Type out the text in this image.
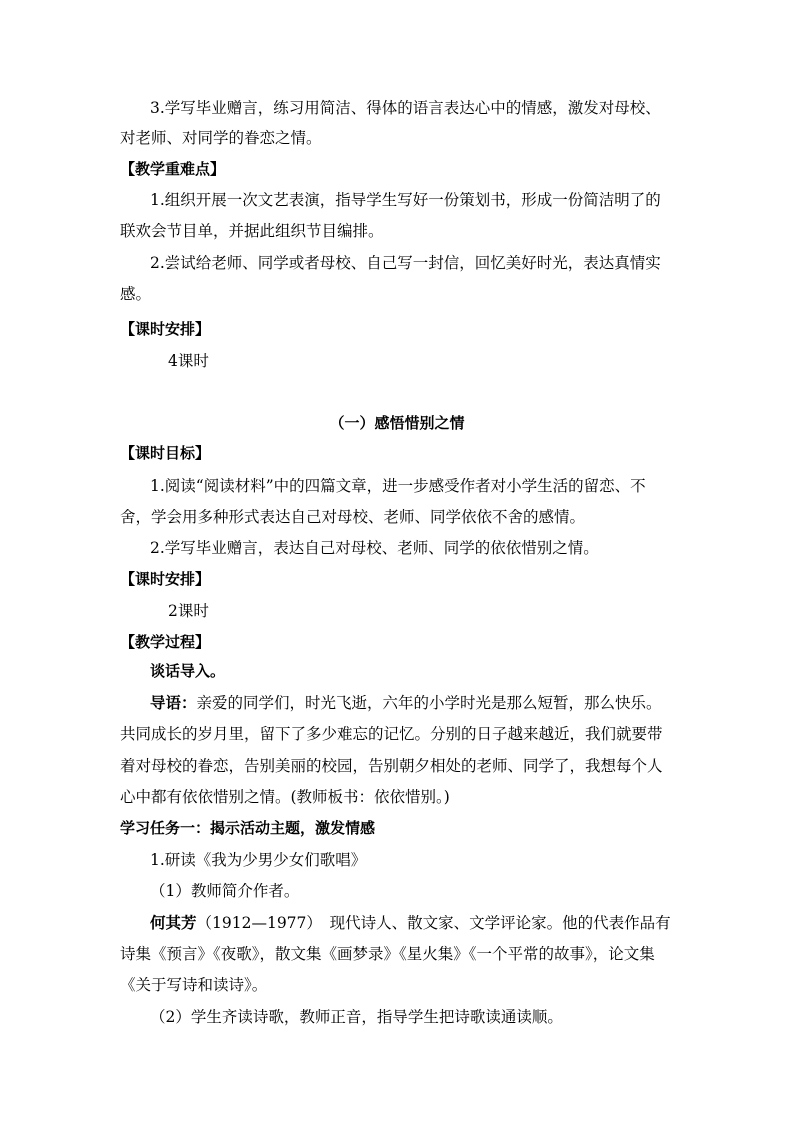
3.学写毕业赠言，练习用简洁、得体的语言表达心中的情感，激发对母校、
对老师、对同学的眷恋之情。
【教学重难点】
1.组织开展一次文艺表演，指导学生写好一份策划书，形成一份简洁明了的
联欢会节目单，并据此组织节目编排。
2.尝试给老师、同学或者母校、自己写一封信，回忆美好时光，表达真情实
感。
【课时安排】
4课时
（一）感悟惜别之情
【课时目标】
1.阅读“阅读材料”中的四篇文章，进一步感受作者对小学生活的留恋、不
舍，学会用多种形式表达自己对母校、老师、同学依依不舍的感情。
2.学写毕业赠言，表达自己对母校、老师、同学的依依惜别之情。
【课时安排】
2课时
【教学过程】
谈话导入。
导语：亲爱的同学们，时光飞逝，六年的小学时光是那么短暂，那么快乐。
共同成长的岁月里，留下了多少难忘的记忆。分别的日子越来越近，我们就要带
着对母校的眷恋，告别美丽的校园，告别朝夕相处的老师、同学了，我想每个人
心中都有依依惜别之情。(教师板书：依依惜别。)
学习任务一：揭示活动主题，激发情感
1.研读《我为少男少女们歌唱》
（1）教师简介作者。
何其芳（1912—1977）　现代诗人、散文家、文学评论家。他的代表作品有
诗集《预言》《夜歌》，散文集《画梦录》《星火集》《一个平常的故事》，论文集
《关于写诗和读诗》。
（2）学生齐读诗歌，教师正音，指导学生把诗歌读通读顺。
